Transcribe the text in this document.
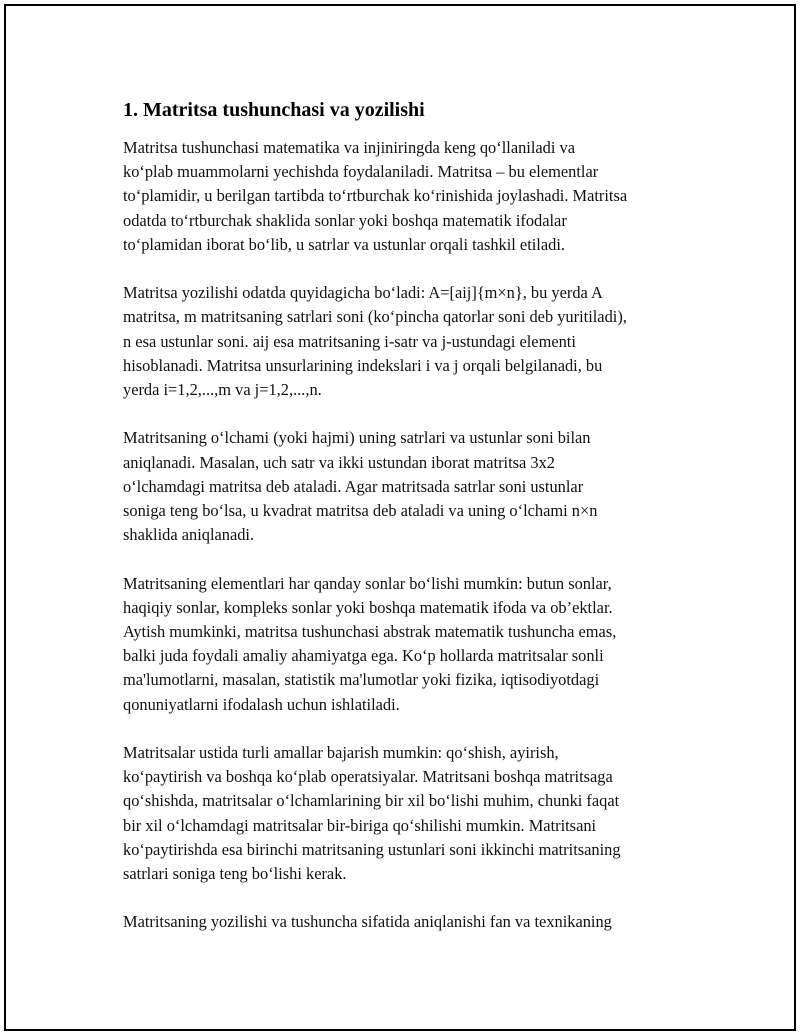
1. Matritsa tushunchasi va yozilishi

Matritsa tushunchasi matematika va injiniringda keng qo‘llaniladi va
ko‘plab muammolarni yechishda foydalaniladi. Matritsa – bu elementlar
to‘plamidir, u berilgan tartibda to‘rtburchak ko‘rinishida joylashadi. Matritsa
odatda to‘rtburchak shaklida sonlar yoki boshqa matematik ifodalar
to‘plamidan iborat bo‘lib, u satrlar va ustunlar orqali tashkil etiladi.

Matritsa yozilishi odatda quyidagicha bo‘ladi: A=[aij]{m×n}, bu yerda A
matritsa, m matritsaning satrlari soni (ko‘pincha qatorlar soni deb yuritiladi),
n esa ustunlar soni. aij esa matritsaning i-satr va j-ustundagi elementi
hisoblanadi. Matritsa unsurlarining indekslari i va j orqali belgilanadi, bu
yerda i=1,2,...,m va j=1,2,...,n.

Matritsaning o‘lchami (yoki hajmi) uning satrlari va ustunlar soni bilan
aniqlanadi. Masalan, uch satr va ikki ustundan iborat matritsa 3x2
o‘lchamdagi matritsa deb ataladi. Agar matritsada satrlar soni ustunlar
soniga teng bo‘lsa, u kvadrat matritsa deb ataladi va uning o‘lchami n×n
shaklida aniqlanadi.

Matritsaning elementlari har qanday sonlar bo‘lishi mumkin: butun sonlar,
haqiqiy sonlar, kompleks sonlar yoki boshqa matematik ifoda va ob’ektlar.
Aytish mumkinki, matritsa tushunchasi abstrak matematik tushuncha emas,
balki juda foydali amaliy ahamiyatga ega. Ko‘p hollarda matritsalar sonli
ma'lumotlarni, masalan, statistik ma'lumotlar yoki fizika, iqtisodiyotdagi
qonuniyatlarni ifodalash uchun ishlatiladi.

Matritsalar ustida turli amallar bajarish mumkin: qo‘shish, ayirish,
ko‘paytirish va boshqa ko‘plab operatsiyalar. Matritsani boshqa matritsaga
qo‘shishda, matritsalar o‘lchamlarining bir xil bo‘lishi muhim, chunki faqat
bir xil o‘lchamdagi matritsalar bir-biriga qo‘shilishi mumkin. Matritsani
ko‘paytirishda esa birinchi matritsaning ustunlari soni ikkinchi matritsaning
satrlari soniga teng bo‘lishi kerak.

Matritsaning yozilishi va tushuncha sifatida aniqlanishi fan va texnikaning
